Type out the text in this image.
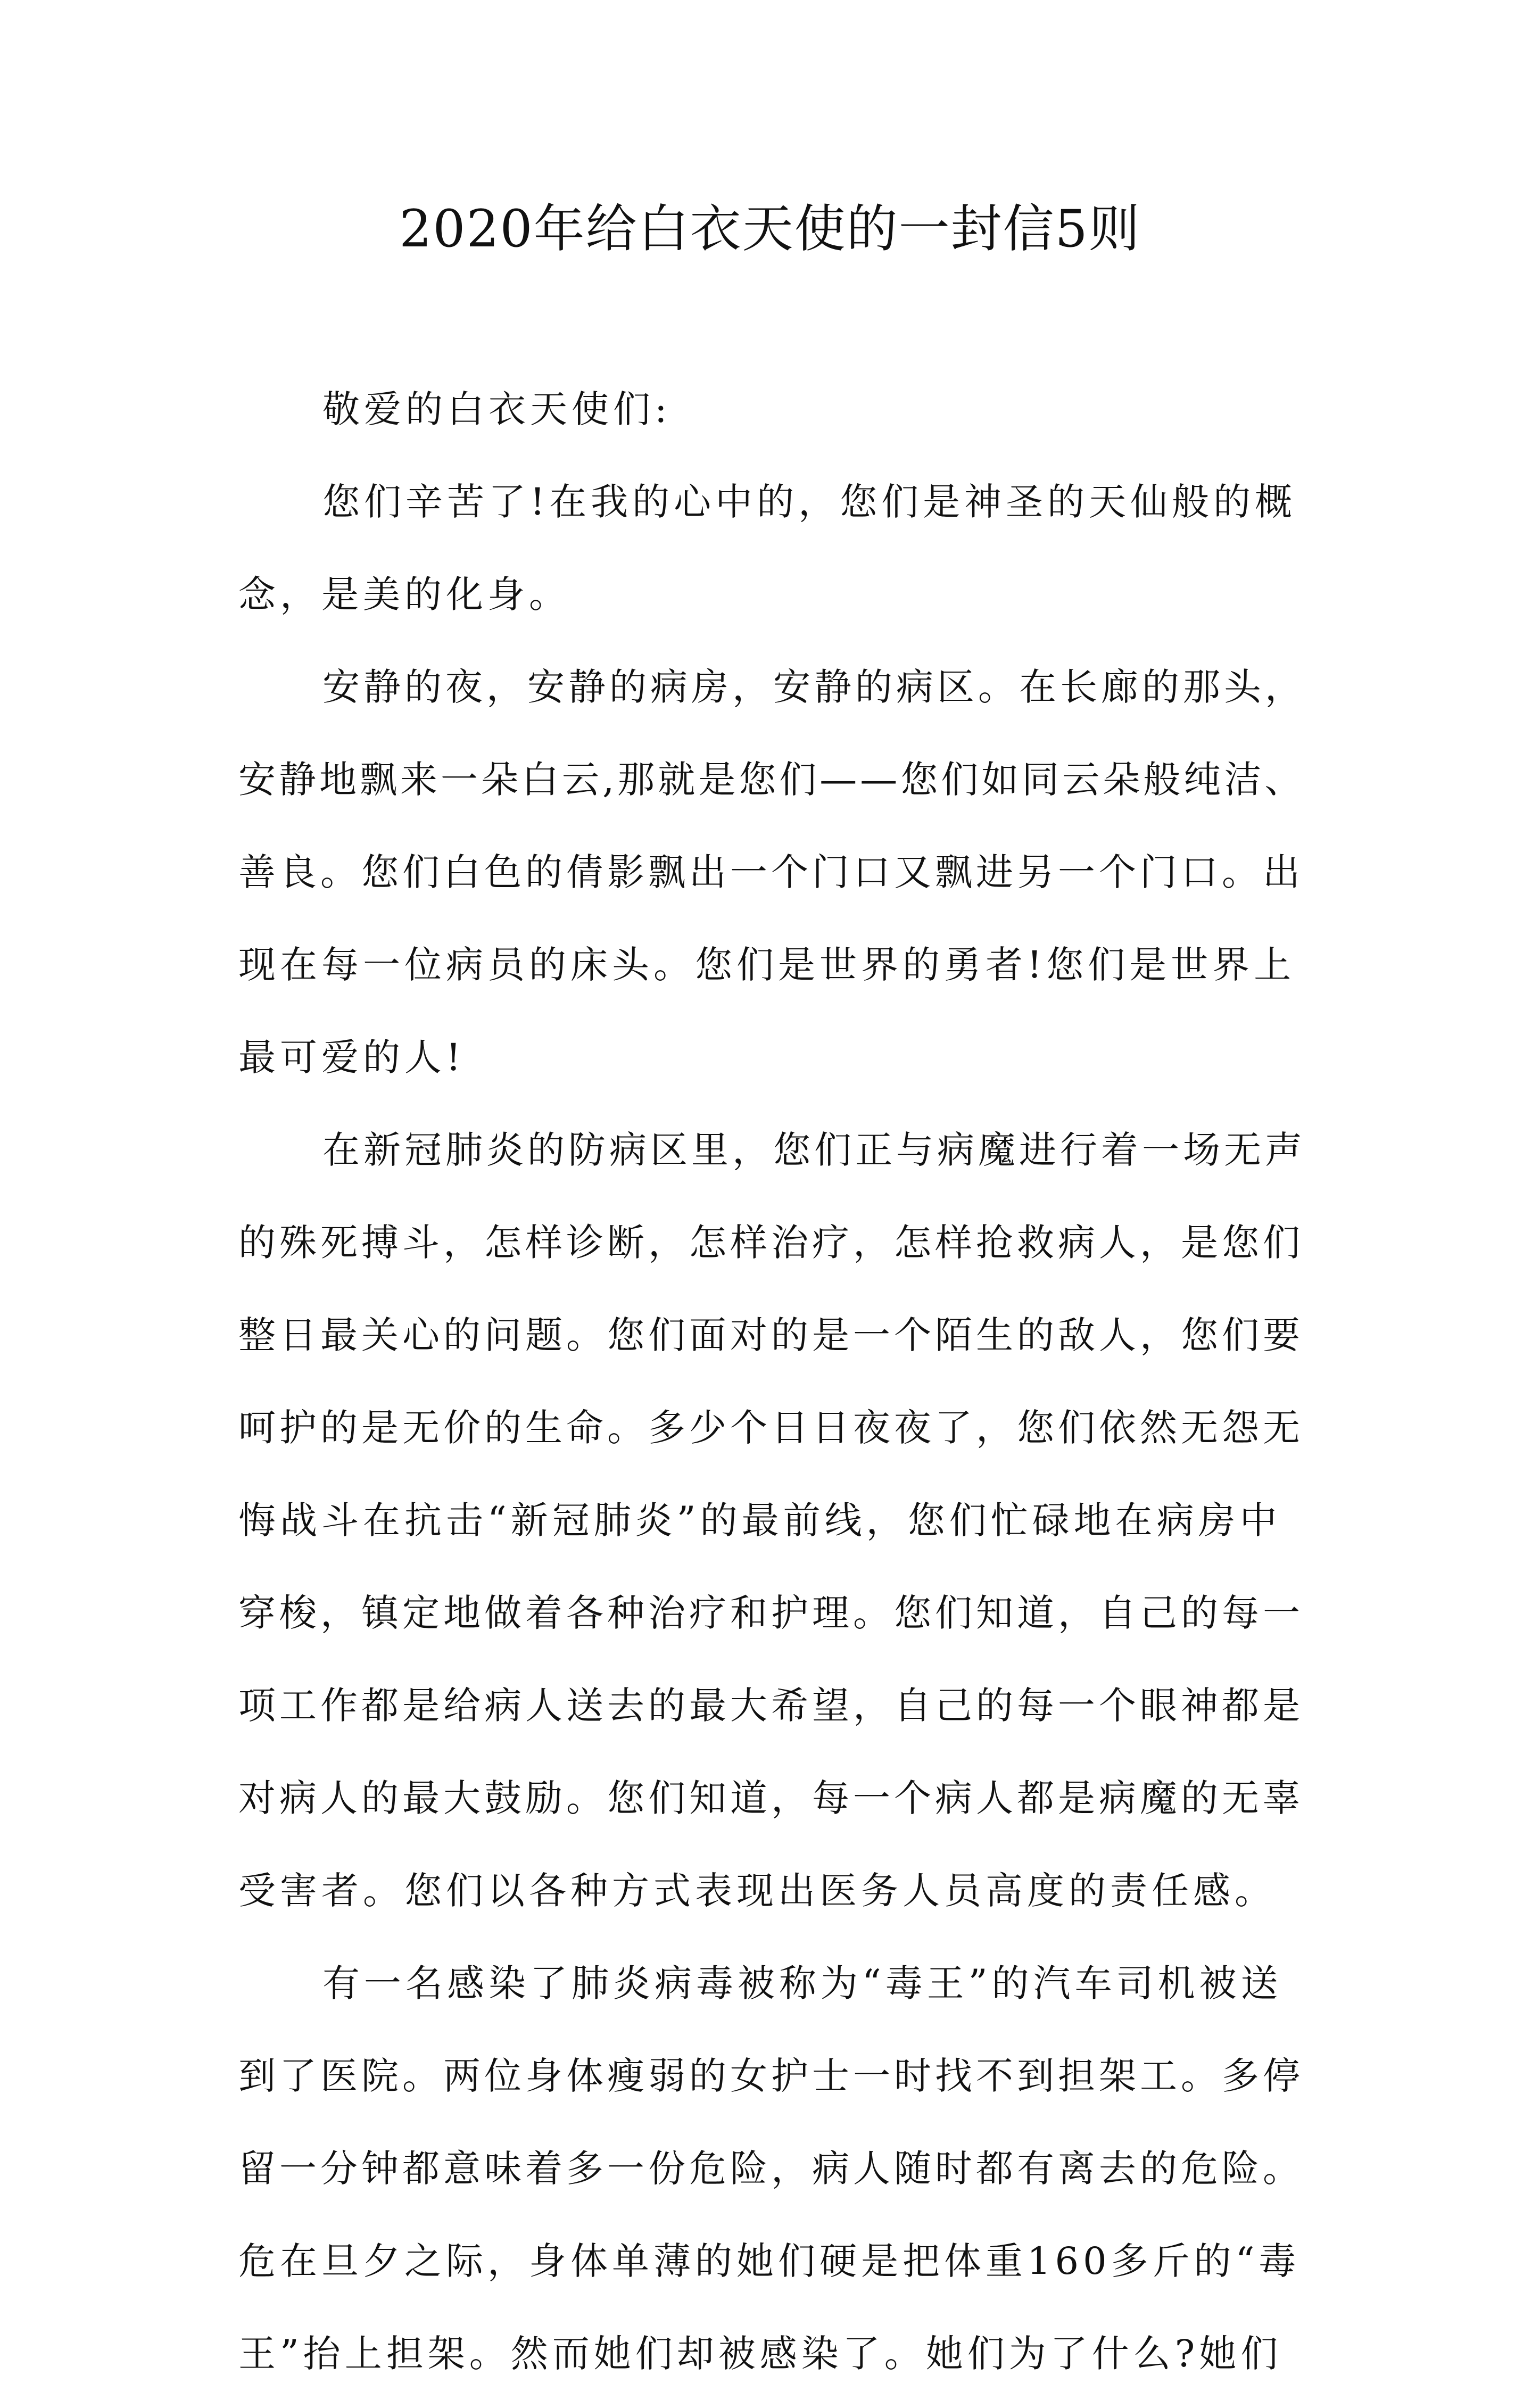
2020年给白衣天使的一封信5则
敬爱的白衣天使们:
您们辛苦了!在我的心中的，您们是神圣的天仙般的概
念，是美的化身。
安静的夜，安静的病房，安静的病区。在长廊的那头，
安静地飘来一朵白云,那就是您们——您们如同云朵般纯洁、
善良。您们白色的倩影飘出一个门口又飘进另一个门口。出
现在每一位病员的床头。您们是世界的勇者!您们是世界上
最可爱的人!
在新冠肺炎的防病区里，您们正与病魔进行着一场无声
的殊死搏斗，怎样诊断，怎样治疗，怎样抢救病人，是您们
整日最关心的问题。您们面对的是一个陌生的敌人，您们要
呵护的是无价的生命。多少个日日夜夜了，您们依然无怨无
悔战斗在抗击“新冠肺炎”的最前线，您们忙碌地在病房中
穿梭，镇定地做着各种治疗和护理。您们知道，自己的每一
项工作都是给病人送去的最大希望，自己的每一个眼神都是
对病人的最大鼓励。您们知道，每一个病人都是病魔的无辜
受害者。您们以各种方式表现出医务人员高度的责任感。
有一名感染了肺炎病毒被称为“毒王”的汽车司机被送
到了医院。两位身体瘦弱的女护士一时找不到担架工。多停
留一分钟都意味着多一份危险，病人随时都有离去的危险。
危在旦夕之际，身体单薄的她们硬是把体重160多斤的“毒
王”抬上担架。然而她们却被感染了。她们为了什么?她们
